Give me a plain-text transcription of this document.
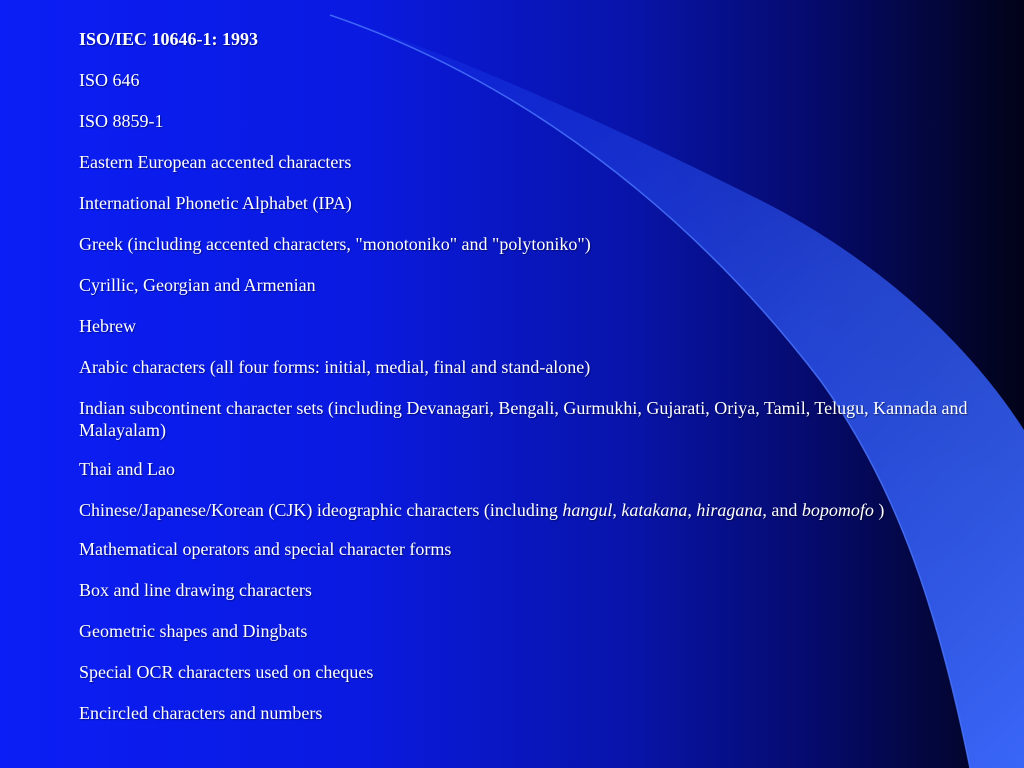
ISO/IEC 10646-1: 1993
ISO 646
ISO 8859-1
Eastern European accented characters
International Phonetic Alphabet (IPA)
Greek (including accented characters, "monotoniko" and "polytoniko")
Cyrillic, Georgian and Armenian
Hebrew
Arabic characters (all four forms: initial, medial, final and stand-alone)
Indian subcontinent character sets (including Devanagari, Bengali, Gurmukhi, Gujarati, Oriya, Tamil, Telugu, Kannada and Malayalam)
Thai and Lao
Chinese/Japanese/Korean (CJK) ideographic characters (including hangul, katakana, hiragana, and bopomofo )
Mathematical operators and special character forms
Box and line drawing characters
Geometric shapes and Dingbats
Special OCR characters used on cheques
Encircled characters and numbers
